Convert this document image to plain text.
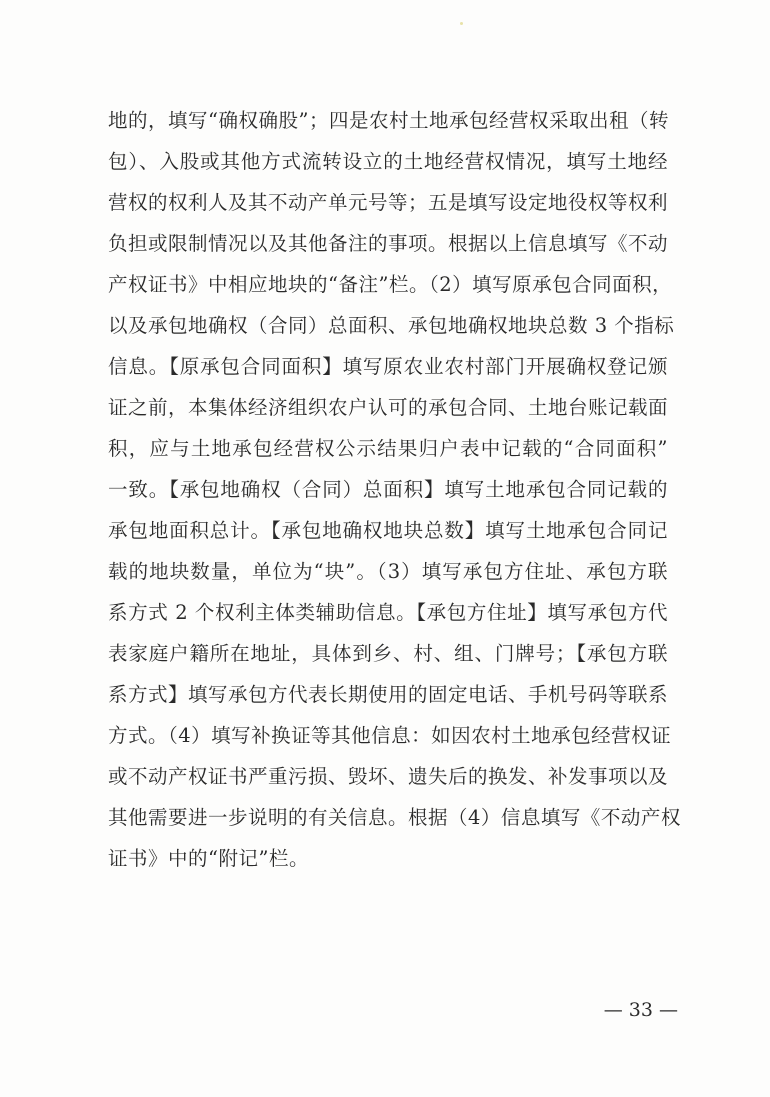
地的，填写“确权确股”；四是农村土地承包经营权采取出租（转
包）、入股或其他方式流转设立的土地经营权情况，填写土地经
营权的权利人及其不动产单元号等；五是填写设定地役权等权利
负担或限制情况以及其他备注的事项。根据以上信息填写《不动
产权证书》中相应地块的“备注”栏。（2）填写原承包合同面积，
以及承包地确权（合同）总面积、承包地确权地块总数 3 个指标
信息。【原承包合同面积】填写原农业农村部门开展确权登记颁
证之前，本集体经济组织农户认可的承包合同、土地台账记载面
积，应与土地承包经营权公示结果归户表中记载的“合同面积”
一致。【承包地确权（合同）总面积】填写土地承包合同记载的
承包地面积总计。【承包地确权地块总数】填写土地承包合同记
载的地块数量，单位为“块”。（3）填写承包方住址、承包方联
系方式 2 个权利主体类辅助信息。【承包方住址】填写承包方代
表家庭户籍所在地址，具体到乡、村、组、门牌号；【承包方联
系方式】填写承包方代表长期使用的固定电话、手机号码等联系
方式。（4）填写补换证等其他信息：如因农村土地承包经营权证
或不动产权证书严重污损、毁坏、遗失后的换发、补发事项以及
其他需要进一步说明的有关信息。根据（4）信息填写《不动产权
证书》中的“附记”栏。
— 33 —
